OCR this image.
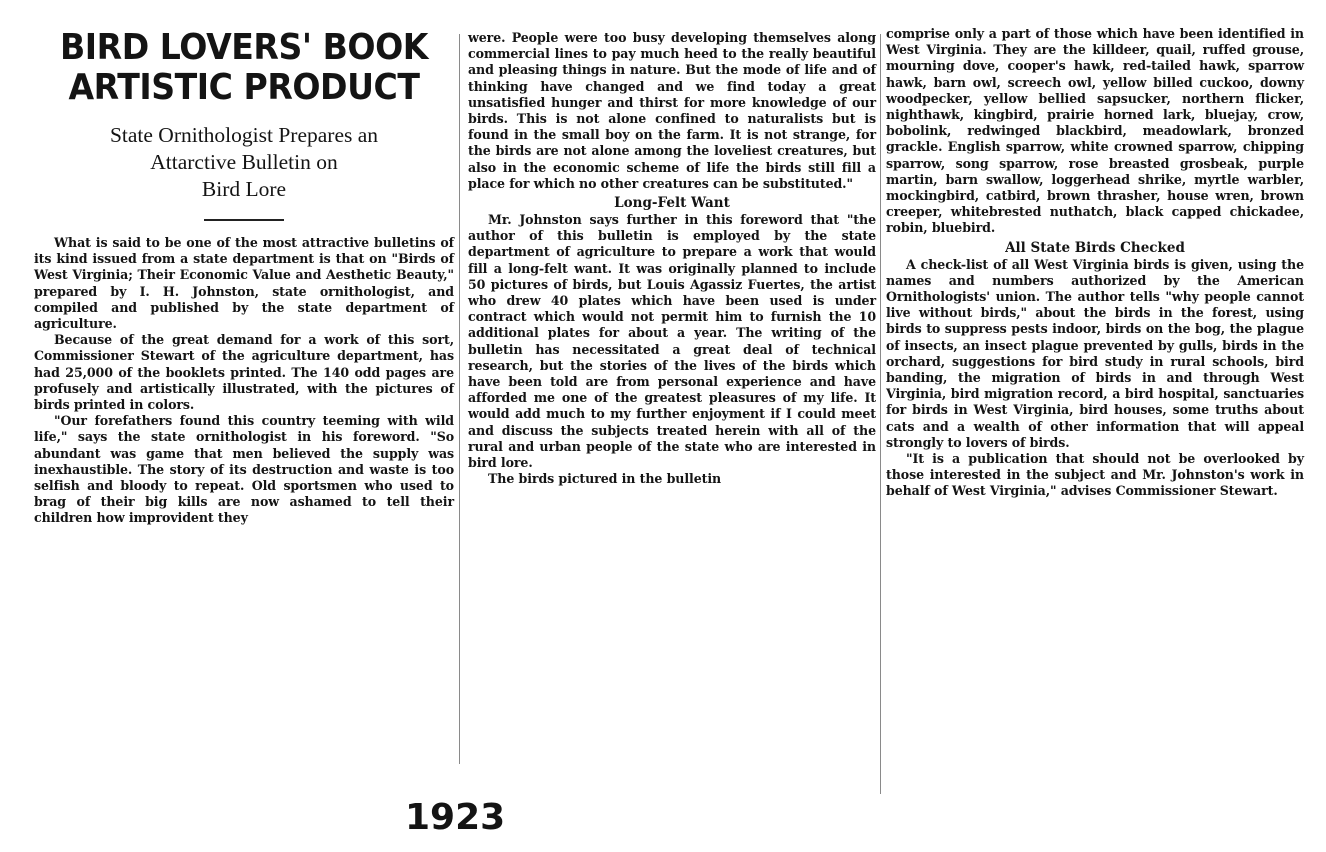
BIRD LOVERS' BOOK
ARTISTIC PRODUCT
State Ornithologist Prepares an
Attarctive Bulletin on
Bird Lore

What is said to be one of the most attractive bulletins of its kind issued from a state department is that on "Birds of West Virginia; Their Economic Value and Aesthetic Beauty," prepared by I. H. Johnston, state ornithologist, and compiled and published by the state department of agriculture.

Because of the great demand for a work of this sort, Commissioner Stewart of the agriculture department, has had 25,000 of the booklets printed. The 140 odd pages are profusely and artistically illustrated, with the pictures of birds printed in colors.

"Our forefathers found this country teeming with wild life," says the state ornithologist in his foreword. "So abundant was game that men believed the supply was inexhaustible. The story of its destruction and waste is too selfish and bloody to repeat. Old sportsmen who used to brag of their big kills are now ashamed to tell their children how improvident they

were. People were too busy developing themselves along commercial lines to pay much heed to the really beautiful and pleasing things in nature. But the mode of life and of thinking have changed and we find today a great unsatisfied hunger and thirst for more knowledge of our birds. This is not alone confined to naturalists but is found in the small boy on the farm. It is not strange, for the birds are not alone among the loveliest creatures, but also in the economic scheme of life the birds still fill a place for which no other creatures can be substituted."

Long-Felt Want

Mr. Johnston says further in this foreword that "the author of this bulletin is employed by the state department of agriculture to prepare a work that would fill a long-felt want. It was originally planned to include 50 pictures of birds, but Louis Agassiz Fuertes, the artist who drew 40 plates which have been used is under contract which would not permit him to furnish the 10 additional plates for about a year. The writing of the bulletin has necessitated a great deal of technical research, but the stories of the lives of the birds which have been told are from personal experience and have afforded me one of the greatest pleasures of my life. It would add much to my further enjoyment if I could meet and discuss the subjects treated herein with all of the rural and urban people of the state who are interested in bird lore.

The birds pictured in the bulletin

comprise only a part of those which have been identified in West Virginia. They are the killdeer, quail, ruffed grouse, mourning dove, cooper's hawk, red-tailed hawk, sparrow hawk, barn owl, screech owl, yellow billed cuckoo, downy woodpecker, yellow bellied sapsucker, northern flicker, nighthawk, kingbird, prairie horned lark, bluejay, crow, bobolink, redwinged blackbird, meadowlark, bronzed grackle. English sparrow, white crowned sparrow, chipping sparrow, song sparrow, rose breasted grosbeak, purple martin, barn swallow, loggerhead shrike, myrtle warbler, mockingbird, catbird, brown thrasher, house wren, brown creeper, whitebrested nuthatch, black capped chickadee, robin, bluebird.

All State Birds Checked

A check-list of all West Virginia birds is given, using the names and numbers authorized by the American Ornithologists' union. The author tells "why people cannot live without birds," about the birds in the forest, using birds to suppress pests indoor, birds on the bog, the plague of insects, an insect plague prevented by gulls, birds in the orchard, suggestions for bird study in rural schools, bird banding, the migration of birds in and through West Virginia, bird migration record, a bird hospital, sanctuaries for birds in West Virginia, bird houses, some truths about cats and a wealth of other information that will appeal strongly to lovers of birds.

"It is a publication that should not be overlooked by those interested in the subject and Mr. Johnston's work in behalf of West Virginia," advises Commissioner Stewart.

1923
